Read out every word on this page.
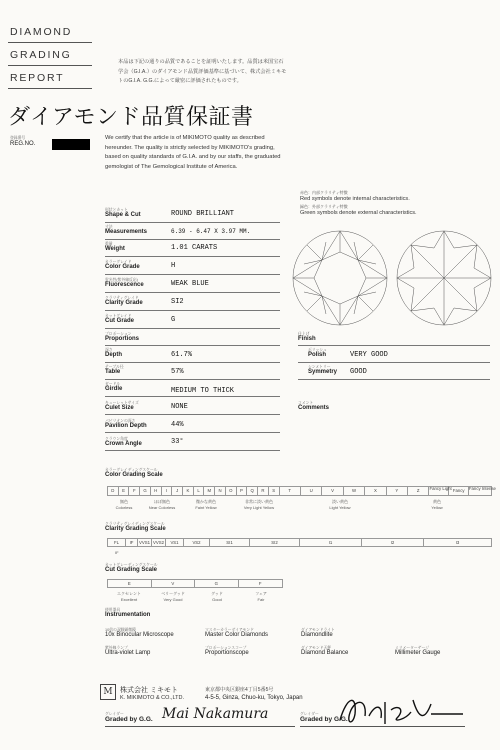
DIAMOND
GRADING
REPORT
本品は下記の通りの品質であることを証明いたします。品質は米国宝石学会（G.I.A.）のダイアモンド品質評価基準に基づいて、株式会社ミキモトのG.I.A. G.G.によって厳密に評価されたものです。
ダイアモンド品質保証書
登録番号
REG.NO.
We certify that the article is of MIKIMOTO quality as described hereunder. The quality is strictly selected by MIKIMOTO's grading, based on quality standards of G.I.A. and by our staffs, the graduated gemologist of The Gemological Institute of America.
赤色：内部クラリティ特徴
Red symbols denote internal characteristics.
緑色：外部クラリティ特徴
Green symbols denote external characteristics.
形状とカット
Shape & Cut	ROUND BRILLIANT
寸法
Measurements	6.39 - 6.47 X 3.97 MM.
重量
Weight	1.01 CARATS
カラーグレイド
Color Grade	H
蛍光性(紫外線反応)
Fluorescence	WEAK BLUE
クラリティグレイド
Clarity Grade	SI2
カットグレイド
Cut Grade	G
プロポーション
Proportions
深さ
Depth	61.7%
テーブル径
Table	57%
ガードル
Girdle	MEDIUM TO THICK
キューレットサイズ
Culet Size	NONE
パビリオンの深さ
Pavilion Depth	44%
クラウン角度
Crown Angle	33°
仕上げ
Finish
ポリッシュ
Polish	VERY GOOD
シンメトリー
Symmetry GOOD
コメント
Comments
カラーグレイディングスケール
Color Grading Scale
D	E	F	G	H	I	J	K	L	M	N	O	P	Q	R	S	T	U	V	W	X	Y	Z	Fancy Light Fancy	Fancy Intense
無色
Colorless
ほぼ無色
Near Colorless
微かな黄色
Faint Yellow
非常に淡い黄色
Very Light Yellow
淡い黄色
Light Yellow
黄色
Yellow
クラリティグレイディングスケール
Clarity Grading Scale
FL	IF	VVS1 VVS2	VS1	VS2	SI1	SI2	I1	I2	I3
IF
カットグレーディングスケール
Cut Grading Scale
E	V	G	F
エクセレント
Excellent
ベリーグッド
Very Good
グッド
Good
フェア
Fair
使用器具
Instrumentation
10倍の双眼顕微鏡
10x Binocular Microscope
マスターカラーダイアモンド
Master Color Diamonds
ダイアモンドライト
Diamondlite
紫外線ランプ
Ultra-violet Lamp
プロポーションスコープ
Proportionscope
ダイアモンド天秤
Diamond Balance
ミリメーターゲージ
Millimeter Gauge
M	株式会社 ミキモト
K. MIKIMOTO & CO.,LTD.
東京都中央区銀座4丁目5番5号
4-5-5, Ginza, Chuo-ku, Tokyo, Japan
グレイダー
Graded by G.G. Mai Nakamura	グレイダー
Graded by G.G.
